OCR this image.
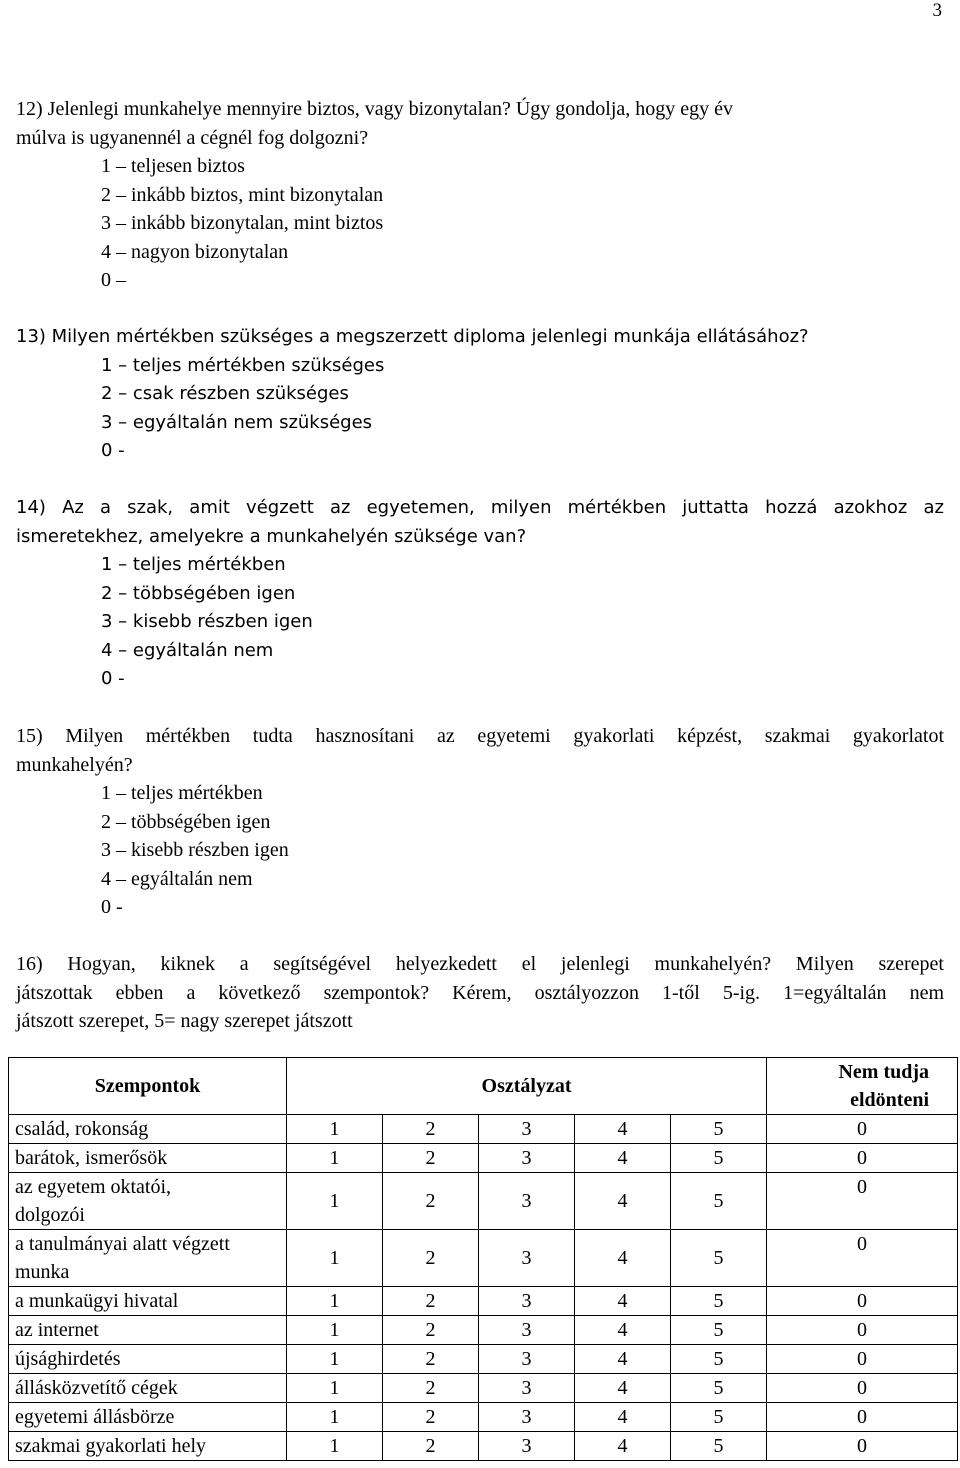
3

12) Jelenlegi munkahelye mennyire biztos, vagy bizonytalan? Úgy gondolja, hogy egy év

múlva is ugyanennél a cégnél fog dolgozni?

1 – teljesen biztos
2 – inkább biztos, mint bizonytalan
3 – inkább bizonytalan, mint biztos
4 – nagyon bizonytalan
0 –

13) Milyen mértékben szükséges a megszerzett diploma jelenlegi munkája ellátásához?

1 – teljes mértékben szükséges
2 – csak részben szükséges
3 – egyáltalán nem szükséges
0 -

14) Az a szak, amit végzett az egyetemen, milyen mértékben juttatta hozzá azokhoz az

ismeretekhez, amelyekre a munkahelyén szüksége van?

1 – teljes mértékben
2 – többségében igen
3 – kisebb részben igen
4 – egyáltalán nem
0 -

15) Milyen mértékben tudta hasznosítani az egyetemi gyakorlati képzést, szakmai gyakorlatot

munkahelyén?

1 – teljes mértékben
2 – többségében igen
3 – kisebb részben igen
4 – egyáltalán nem
0 -

16) Hogyan, kiknek a segítségével helyezkedett el jelenlegi munkahelyén? Milyen szerepet

játszottak ebben a következő szempontok? Kérem, osztályozzon 1-től 5-ig. 1=egyáltalán nem

játszott szerepet, 5= nagy szerepet játszott

Szempontok	Osztályzat					Nem tudja
eldönteni
család, rokonság	1	2	3	4	5	0
barátok, ismerősök	1	2	3	4	5	0
az egyetem oktatói,
dolgozói	1	2	3	4	5	0
a tanulmányai alatt végzett
munka	1	2	3	4	5	0
a munkaügyi hivatal	1	2	3	4	5	0
az internet	1	2	3	4	5	0
újsághirdetés	1	2	3	4	5	0
állásközvetítő cégek	1	2	3	4	5	0
egyetemi állásbörze	1	2	3	4	5	0
szakmai gyakorlati hely	1	2	3	4	5	0
